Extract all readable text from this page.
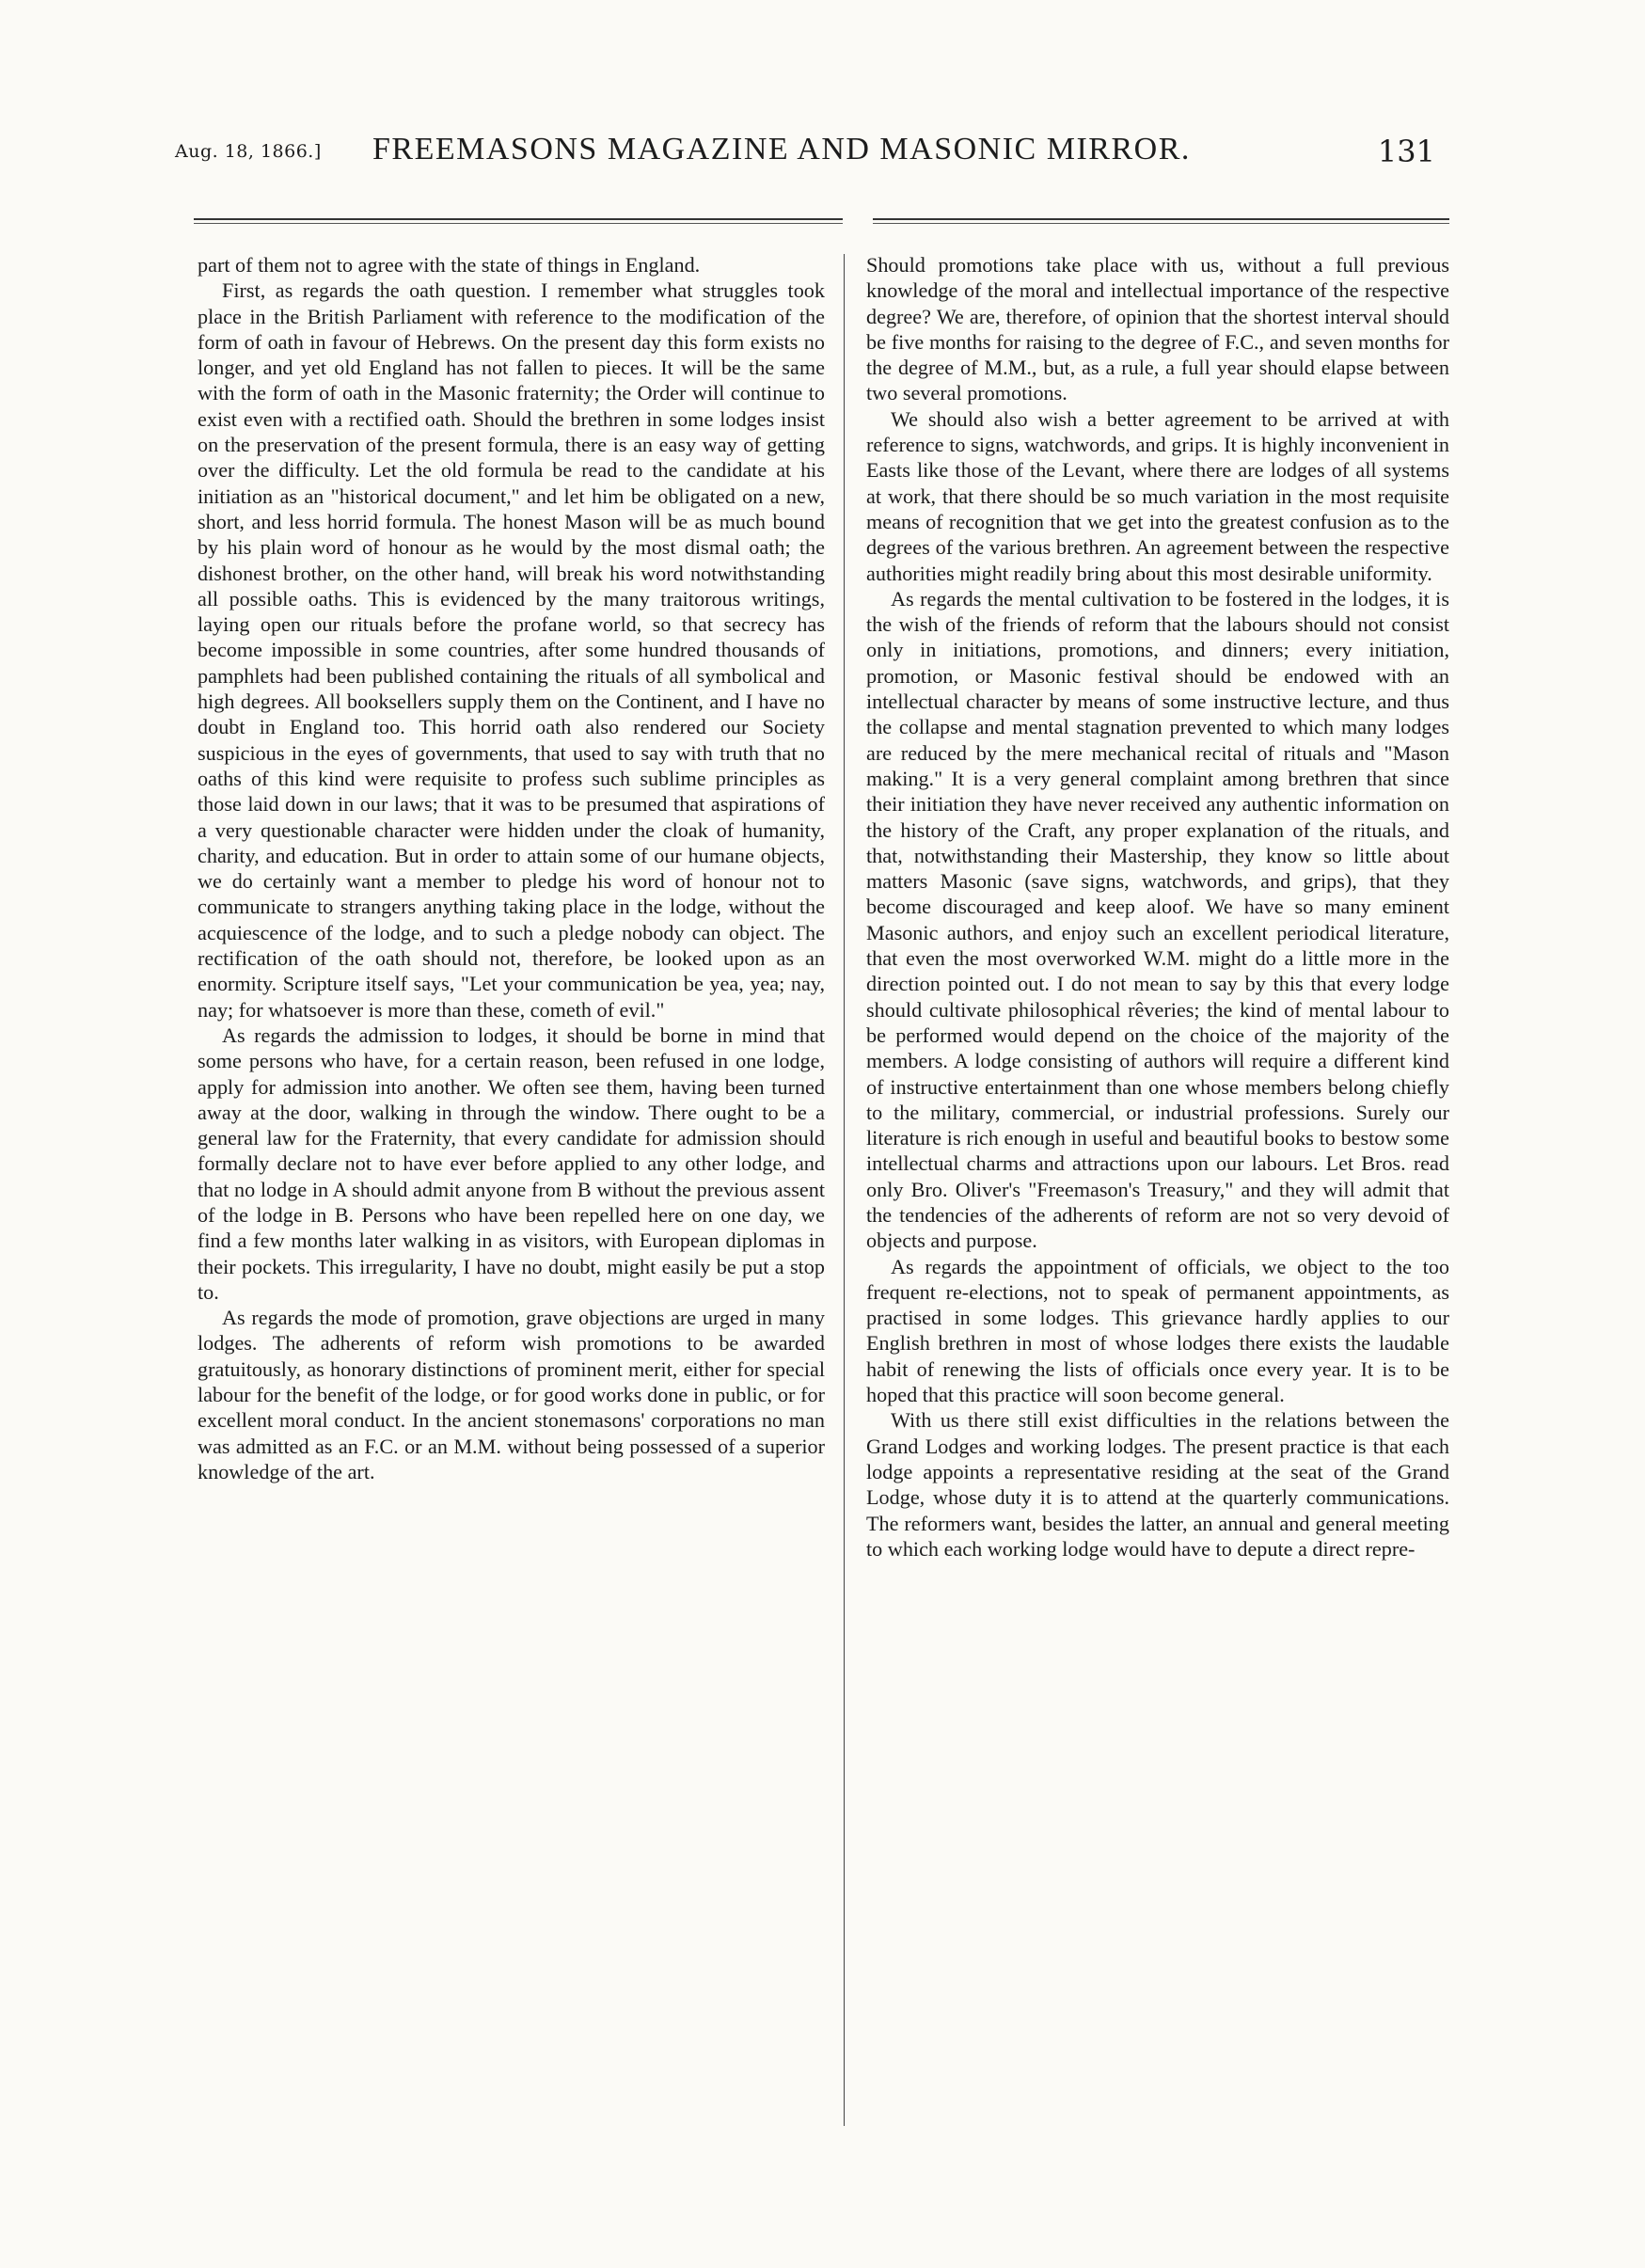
Aug. 18, 1866.] FREEMASONS MAGAZINE AND MASONIC MIRROR.	131

part of them not to agree with the state of things in England.

First, as regards the oath question. I remember what struggles took place in the British Parliament with reference to the modification of the form of oath in favour of Hebrews. On the present day this form exists no longer, and yet old England has not fallen to pieces. It will be the same with the form of oath in the Masonic fraternity; the Order will continue to exist even with a rectified oath. Should the brethren in some lodges insist on the preservation of the present formula, there is an easy way of getting over the difficulty. Let the old formula be read to the candidate at his initiation as an "historical document," and let him be obligated on a new, short, and less horrid formula. The honest Mason will be as much bound by his plain word of honour as he would by the most dismal oath; the dishonest brother, on the other hand, will break his word notwithstanding all possible oaths. This is evidenced by the many traitorous writings, laying open our rituals before the profane world, so that secrecy has become impossible in some countries, after some hundred thousands of pamphlets had been published containing the rituals of all symbolical and high degrees. All booksellers supply them on the Continent, and I have no doubt in England too. This horrid oath also rendered our Society suspicious in the eyes of governments, that used to say with truth that no oaths of this kind were requisite to profess such sublime principles as those laid down in our laws; that it was to be presumed that aspirations of a very questionable character were hidden under the cloak of humanity, charity, and education. But in order to attain some of our humane objects, we do certainly want a member to pledge his word of honour not to communicate to strangers anything taking place in the lodge, without the acquiescence of the lodge, and to such a pledge nobody can object. The rectification of the oath should not, therefore, be looked upon as an enormity. Scripture itself says, "Let your communication be yea, yea; nay, nay; for whatsoever is more than these, cometh of evil."

As regards the admission to lodges, it should be borne in mind that some persons who have, for a certain reason, been refused in one lodge, apply for admission into another. We often see them, having been turned away at the door, walking in through the window. There ought to be a general law for the Fraternity, that every candidate for admission should formally declare not to have ever before applied to any other lodge, and that no lodge in A should admit anyone from B without the previous assent of the lodge in B. Persons who have been repelled here on one day, we find a few months later walking in as visitors, with European diplomas in their pockets. This irregularity, I have no doubt, might easily be put a stop to.

As regards the mode of promotion, grave objections are urged in many lodges. The adherents of reform wish promotions to be awarded gratuitously, as honorary distinctions of prominent merit, either for special labour for the benefit of the lodge, or for good works done in public, or for excellent moral conduct. In the ancient stonemasons' corporations no man was admitted as an F.C. or an M.M. without being possessed of a superior knowledge of the art.

Should promotions take place with us, without a full previous knowledge of the moral and intellectual importance of the respective degree? We are, therefore, of opinion that the shortest interval should be five months for raising to the degree of F.C., and seven months for the degree of M.M., but, as a rule, a full year should elapse between two several promotions.

We should also wish a better agreement to be arrived at with reference to signs, watchwords, and grips. It is highly inconvenient in Easts like those of the Levant, where there are lodges of all systems at work, that there should be so much variation in the most requisite means of recognition that we get into the greatest confusion as to the degrees of the various brethren. An agreement between the respective authorities might readily bring about this most desirable uniformity.

As regards the mental cultivation to be fostered in the lodges, it is the wish of the friends of reform that the labours should not consist only in initiations, promotions, and dinners; every initiation, promotion, or Masonic festival should be endowed with an intellectual character by means of some instructive lecture, and thus the collapse and mental stagnation prevented to which many lodges are reduced by the mere mechanical recital of rituals and "Mason making." It is a very general complaint among brethren that since their initiation they have never received any authentic information on the history of the Craft, any proper explanation of the rituals, and that, notwithstanding their Mastership, they know so little about matters Masonic (save signs, watchwords, and grips), that they become discouraged and keep aloof. We have so many eminent Masonic authors, and enjoy such an excellent periodical literature, that even the most overworked W.M. might do a little more in the direction pointed out. I do not mean to say by this that every lodge should cultivate philosophical rêveries; the kind of mental labour to be performed would depend on the choice of the majority of the members. A lodge consisting of authors will require a different kind of instructive entertainment than one whose members belong chiefly to the military, commercial, or industrial professions. Surely our literature is rich enough in useful and beautiful books to bestow some intellectual charms and attractions upon our labours. Let Bros. read only Bro. Oliver's "Freemason's Treasury," and they will admit that the tendencies of the adherents of reform are not so very devoid of objects and purpose.

As regards the appointment of officials, we object to the too frequent re-elections, not to speak of permanent appointments, as practised in some lodges. This grievance hardly applies to our English brethren in most of whose lodges there exists the laudable habit of renewing the lists of officials once every year. It is to be hoped that this practice will soon become general.

With us there still exist difficulties in the relations between the Grand Lodges and working lodges. The present practice is that each lodge appoints a representative residing at the seat of the Grand Lodge, whose duty it is to attend at the quarterly communications. The reformers want, besides the latter, an annual and general meeting to which each working lodge would have to depute a direct repre-
